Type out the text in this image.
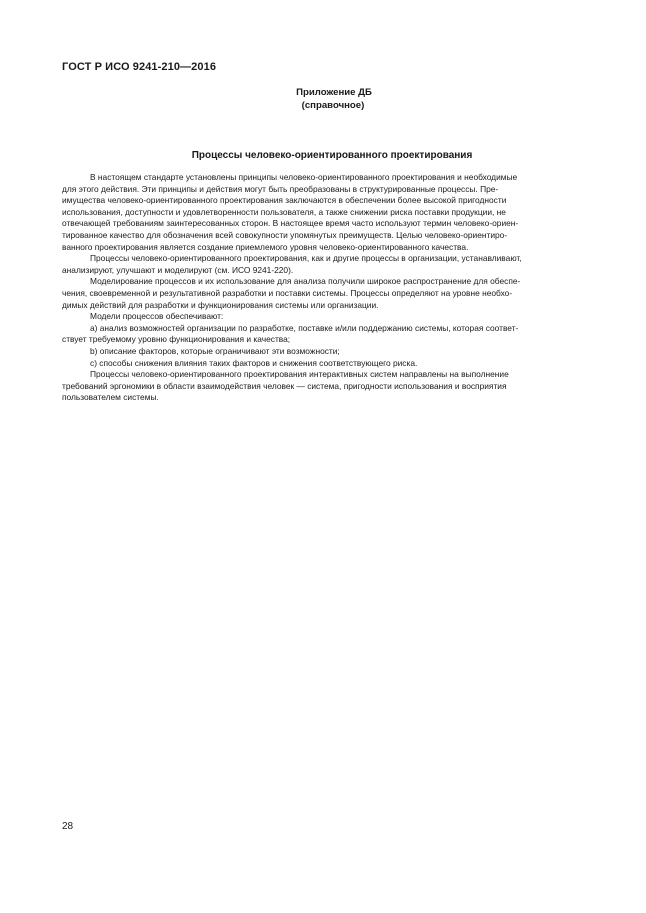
ГОСТ Р ИСО 9241-210—2016
Приложение ДБ
(справочное)
Процессы человеко-ориентированного проектирования
В настоящем стандарте установлены принципы человеко-ориентированного проектирования и необходимые
для этого действия. Эти принципы и действия могут быть преобразованы в структурированные процессы. Пре-
имущества человеко-ориентированного проектирования заключаются в обеспечении более высокой пригодности
использования, доступности и удовлетворенности пользователя, а также снижении риска поставки продукции, не
отвечающей требованиям заинтересованных сторон. В настоящее время часто используют термин человеко-ориен-
тированное качество для обозначения всей совокупности упомянутых преимуществ. Целью человеко-ориентиро-
ванного проектирования является создание приемлемого уровня человеко-ориентированного качества.
Процессы человеко-ориентированного проектирования, как и другие процессы в организации, устанавливают,
анализируют, улучшают и моделируют (см. ИСО 9241-220).
Моделирование процессов и их использование для анализа получили широкое распространение для обеспе-
чения, своевременной и результативной разработки и поставки системы. Процессы определяют на уровне необхо-
димых действий для разработки и функционирования системы или организации.
Модели процессов обеспечивают:
a) анализ возможностей организации по разработке, поставке и/или поддержанию системы, которая соответ-
ствует требуемому уровню функционирования и качества;
b) описание факторов, которые ограничивают эти возможности;
c) способы снижения влияния таких факторов и снижения соответствующего риска.
Процессы человеко-ориентированного проектирования интерактивных систем направлены на выполнение
требований эргономики в области взаимодействия человек — система, пригодности использования и восприятия
пользователем системы.
28
